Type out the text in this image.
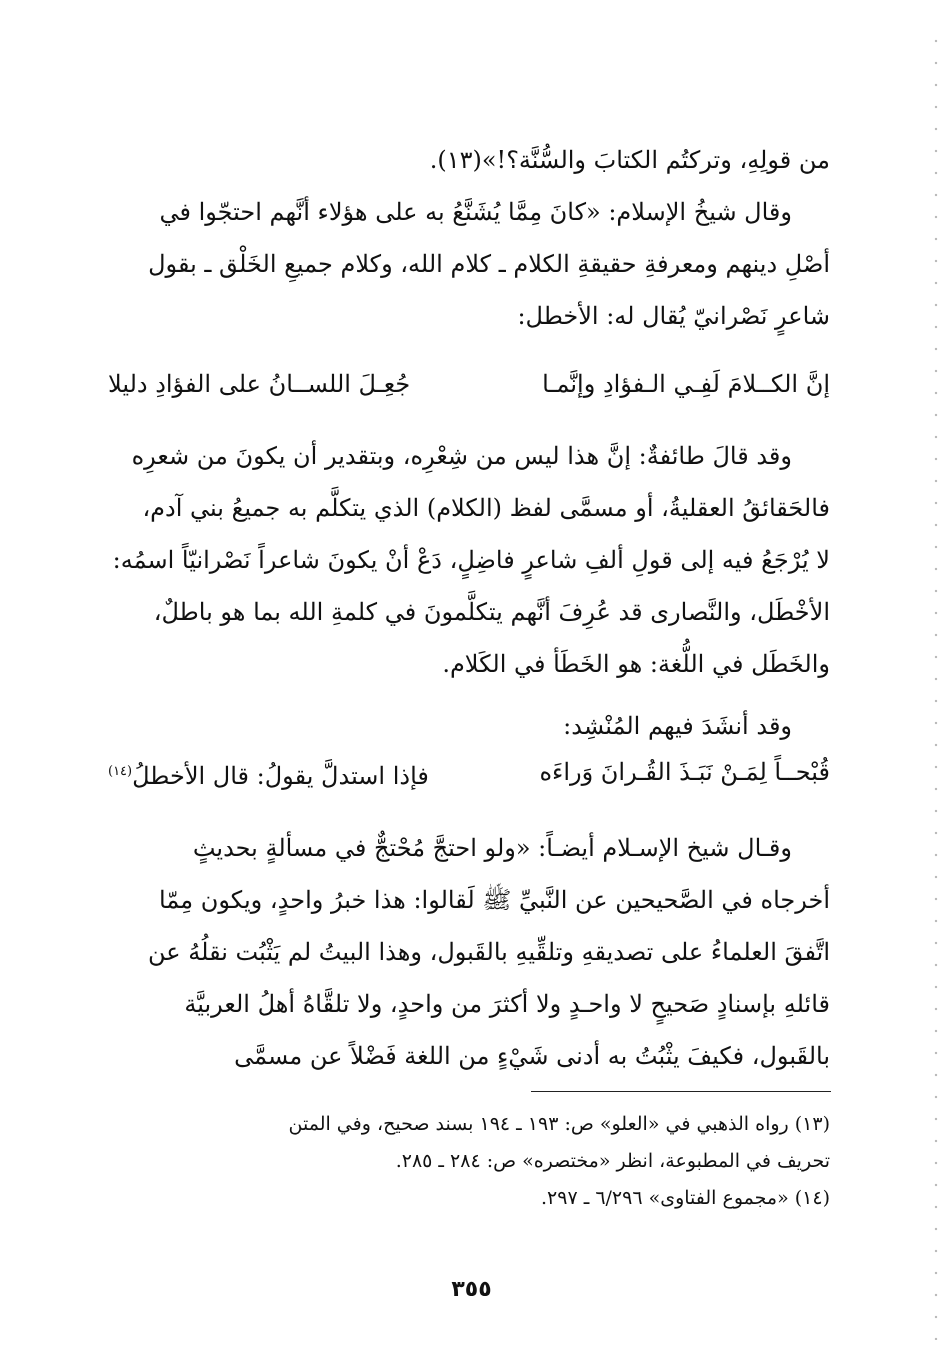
من قولِهِ، وتركتُم الكتابَ والسُّنَّة؟!»(١٣).
وقال شيخُ الإسلام: «كانَ مِمَّا يُشَنَّعُ به على هؤلاء أنَّهم احتجّوا في
أصْلِ دينهم ومعرفةِ حقيقةِ الكلام ـ كلام الله، وكلام جميعِ الخَلْق ـ بقول
شاعرٍ نَصْرانيّ يُقال له: الأخطل:
إنَّ الكــلامَ لَفِـي الـفؤادِ وإنَّمـا
جُعِـلَ اللســانُ على الفؤادِ دليلا
وقد قالَ طائفةٌ: إنَّ هذا ليس من شِعْرِه، وبتقدير أن يكونَ من شعرِه
فالحَقائقُ العقليةُ، أو مسمَّى لفظ (الكلام) الذي يتكلَّم به جميعُ بني آدم،
لا يُرْجَعُ فيه إلى قولِ ألفِ شاعرٍ فاضِلٍ، دَعْ أنْ يكونَ شاعراً نَصْرانيّاً اسمُه:
الأخْطَل، والنَّصارى قد عُرِفَ أنَّهم يتكلَّمونَ في كلمةِ الله بما هو باطلٌ،
والخَطَل في اللُّغة: هو الخَطَأ في الكَلام.
وقد أنشَدَ فيهم المُنْشِد:
قُبْحــاً لِمَـنْ نَبَـذَ القُـرانَ وَراءَه
فإذا استدلَّ يقولُ: قال الأخطلُ$^{(١٤)}$
وقـال شيخ الإسـلام أيضـاً: «ولو احتجَّ مُحْتجٌّ في مسألةٍ بحديثٍ
أخرجاه في الصَّحيحين عن النَّبيِّ ﷺ لَقالوا: هذا خبرُ واحدٍ، ويكون مِمّا
اتَّفقَ العلماءُ على تصديقهِ وتلقِّيهِ بالقَبول، وهذا البيتُ لم يَثْبُت نقلُهُ عن
قائلهِ بإسنادٍ صَحيحٍ لا واحـدٍ ولا أكثرَ من واحدٍ، ولا تلقَّاهُ أهلُ العربيَّة
بالقَبول، فكيفَ يثْبُتُ به أدنى شَيْءٍ من اللغة فَضْلاً عن مسمَّى
(١٣) رواه الذهبي في «العلو» ص: ١٩٣ ـ ١٩٤ بسند صحيح، وفي المتن
تحريف في المطبوعة، انظر «مختصره» ص: ٢٨٤ ـ ٢٨٥.
(١٤) «مجموع الفتاوى» ٦/٢٩٦ ـ ٢٩٧.
٣٥٥
